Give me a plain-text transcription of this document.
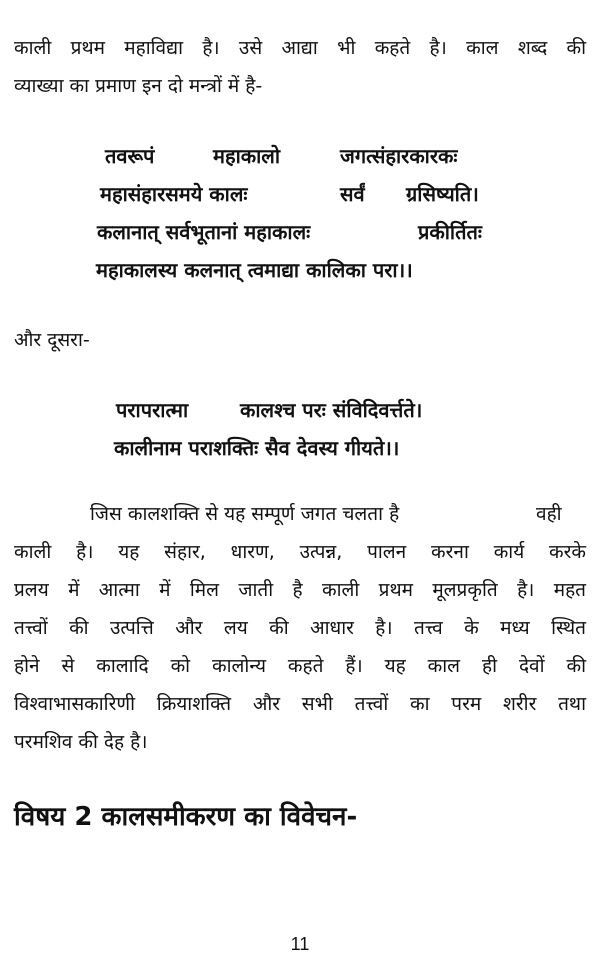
काली प्रथम महाविद्या है। उसे आद्या भी कहते है। काल शब्द की
व्याख्या का प्रमाण इन दो मन्त्रों में है-
तवरूपं	महाकालो	जगत्संहारकारकः
महासंहारसमये कालः	सर्वं ग्रसिष्यति।
कलानात् सर्वभूतानां महाकालः	प्रकीर्तितः
महाकालस्य कलनात् त्वमाद्या कालिका परा।।
और दूसरा-
परापरात्मा	कालश्च परः संविदिवर्त्तते।
कालीनाम पराशक्तिः सैव देवस्य गीयते।।
जिस कालशक्ति से यह सम्पूर्ण जगत चलता है	वही
काली है। यह संहार, धारण, उत्पन्न, पालन करना कार्य करके
प्रलय में आत्मा में मिल जाती है काली प्रथम मूलप्रकृति है। महत
तत्त्वों की उत्पत्ति और लय की आधार है। तत्त्व के मध्य स्थित
होने से कालादि को कालोन्य कहते हैं। यह काल ही देवों की
विश्वाभासकारिणी क्रियाशक्ति और सभी तत्त्वों का परम शरीर तथा
परमशिव की देह है।
विषय 2 कालसमीकरण का विवेचन-
11
